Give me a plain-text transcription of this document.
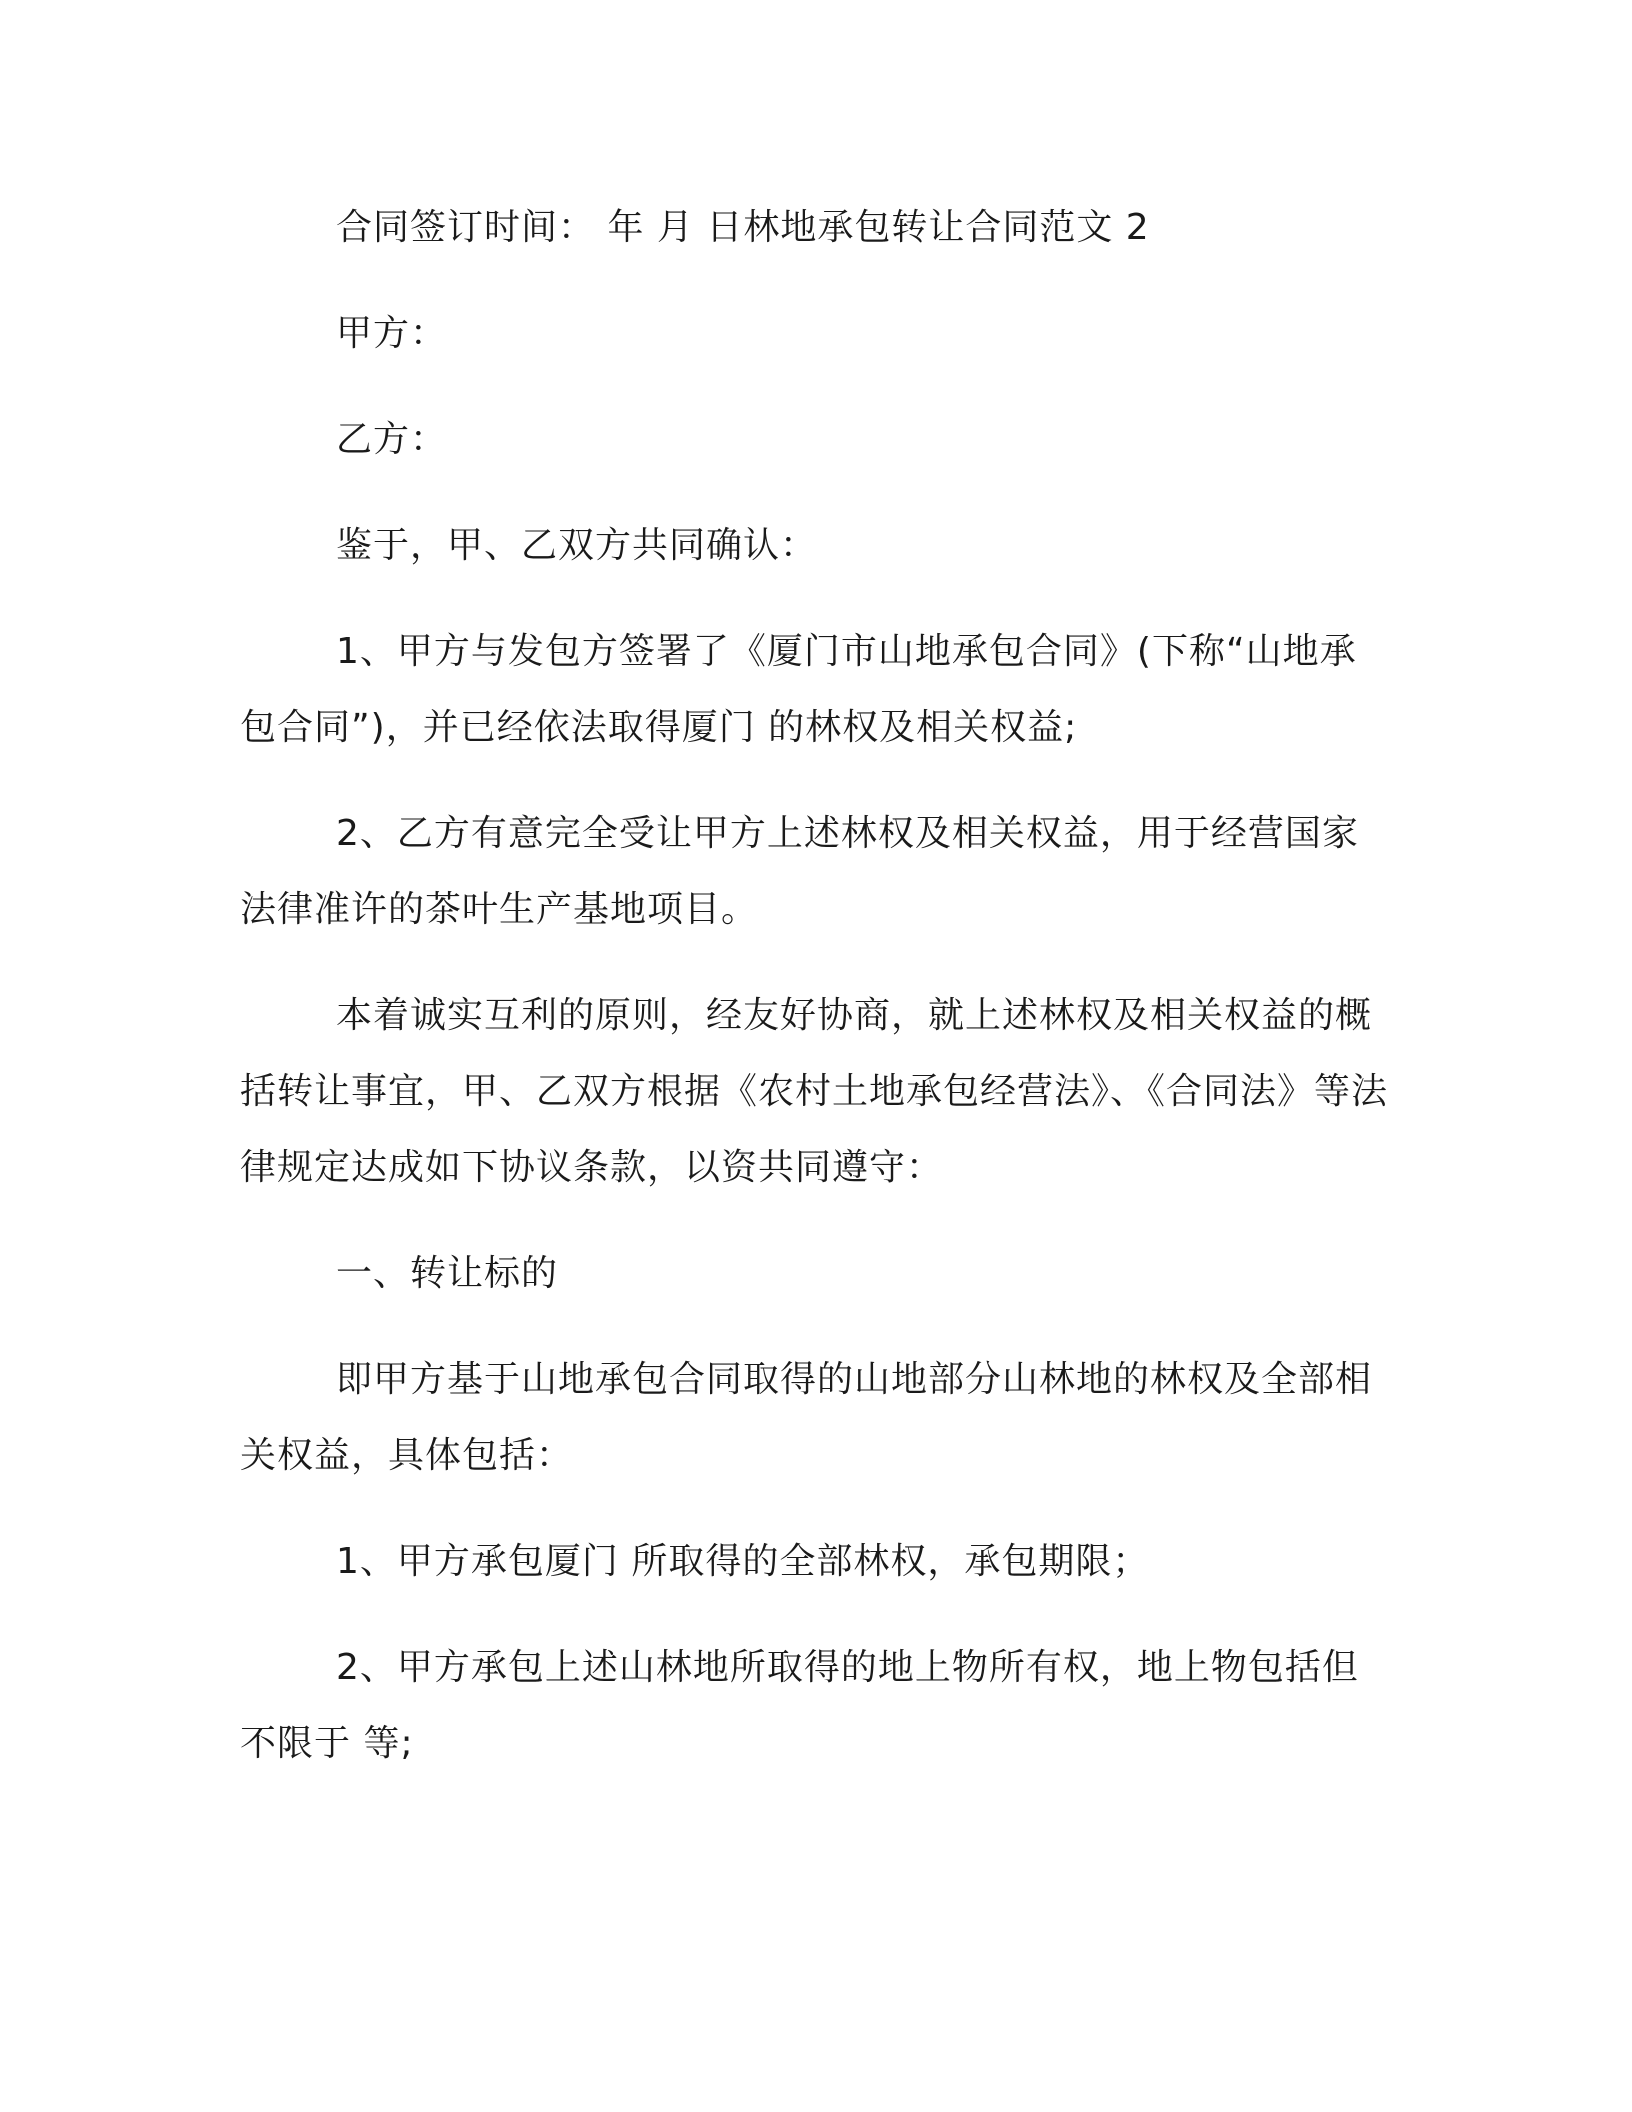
合同签订时间： 年 月 日林地承包转让合同范文 2

甲方：

乙方：

鉴于，甲、乙双方共同确认：

1、甲方与发包方签署了《厦门市山地承包合同》(下称“山地承包合同”)，并已经依法取得厦门 的林权及相关权益;

2、乙方有意完全受让甲方上述林权及相关权益，用于经营国家法律准许的茶叶生产基地项目。

本着诚实互利的原则，经友好协商，就上述林权及相关权益的概括转让事宜，甲、乙双方根据《农村土地承包经营法》、《合同法》等法律规定达成如下协议条款，以资共同遵守：

一、转让标的

即甲方基于山地承包合同取得的山地部分山林地的林权及全部相关权益，具体包括：

1、甲方承包厦门 所取得的全部林权，承包期限；

2、甲方承包上述山林地所取得的地上物所有权，地上物包括但不限于 等;
